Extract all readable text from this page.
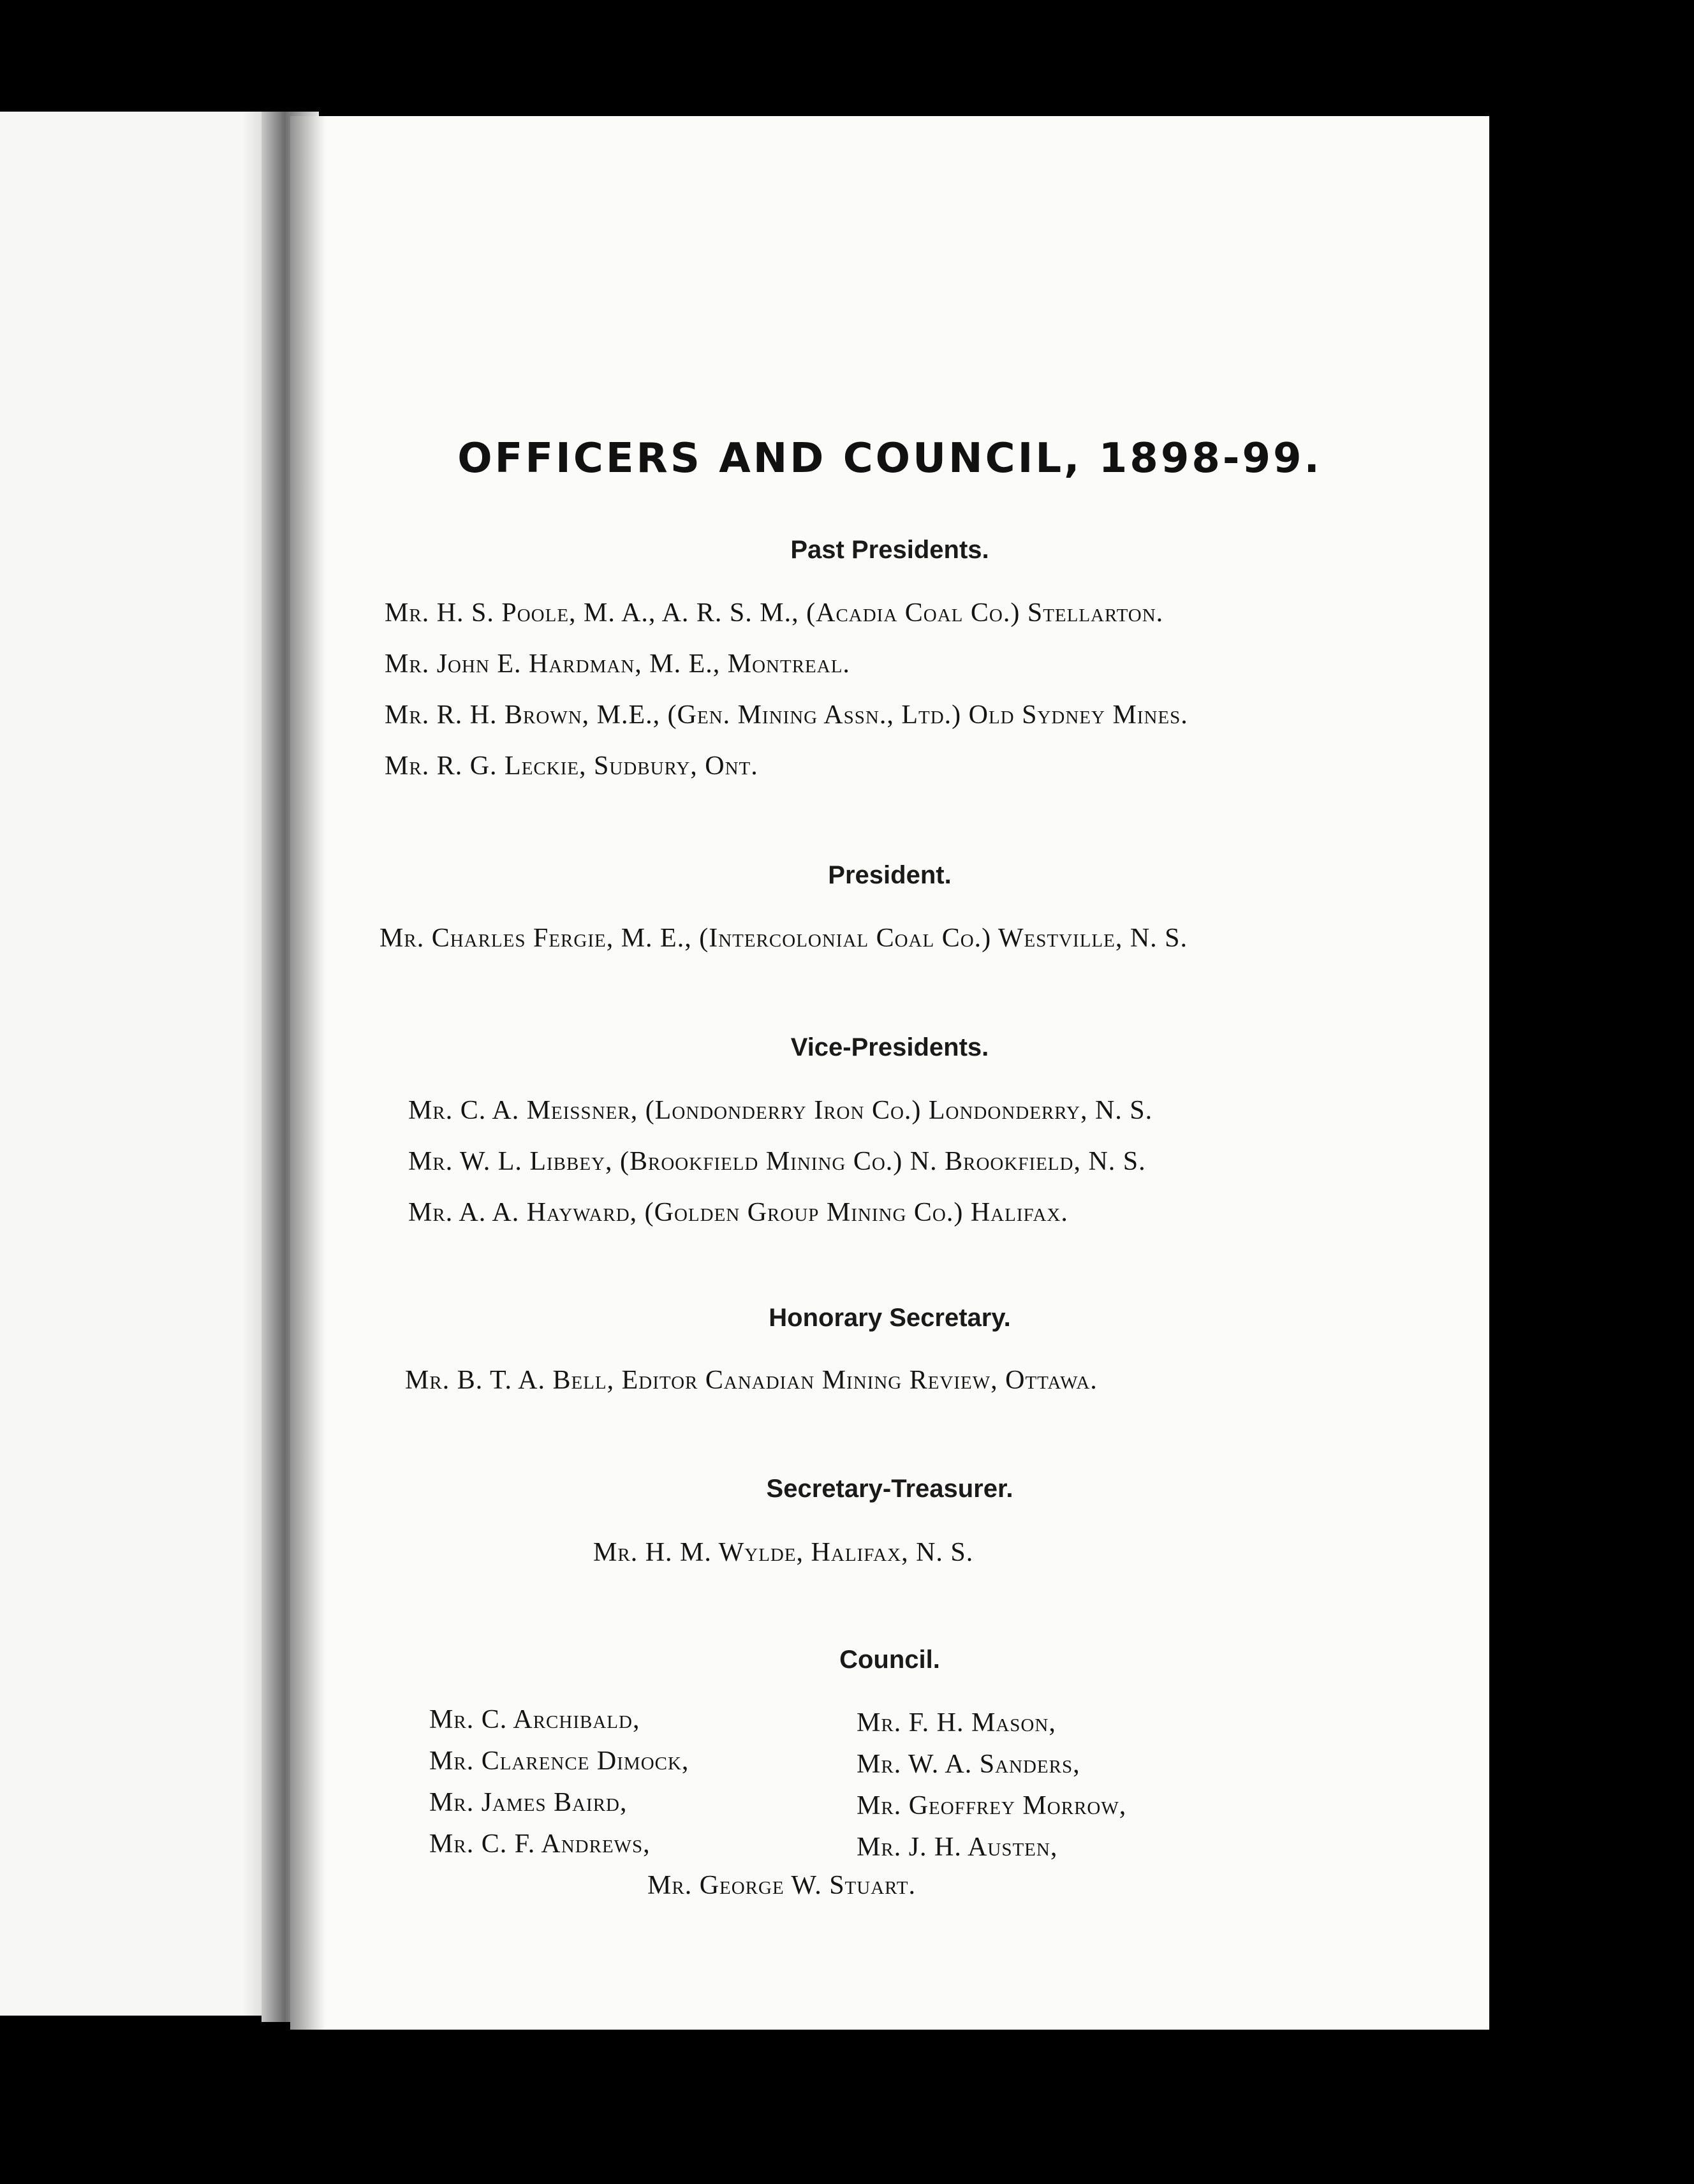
OFFICERS AND COUNCIL, 1898-99.
Past Presidents.
Mr. H. S. Poole, M. A., A. R. S. M., (Acadia Coal Co.) Stellarton.
Mr. John E. Hardman, M. E., Montreal.
Mr. R. H. Brown, M.E., (Gen. Mining Assn., Ltd.) Old Sydney Mines.
Mr. R. G. Leckie, Sudbury, Ont.
President.
Mr. Charles Fergie, M. E., (Intercolonial Coal Co.) Westville, N. S.
Vice-Presidents.
Mr. C. A. Meissner, (Londonderry Iron Co.) Londonderry, N. S.
Mr. W. L. Libbey, (Brookfield Mining Co.) N. Brookfield, N. S.
Mr. A. A. Hayward, (Golden Group Mining Co.) Halifax.
Honorary Secretary.
Mr. B. T. A. Bell, Editor Canadian Mining Review, Ottawa.
Secretary-Treasurer.
Mr. H. M. Wylde, Halifax, N. S.
Council.
Mr. C. Archibald,
Mr. Clarence Dimock,
Mr. James Baird,
Mr. C. F. Andrews,
Mr. F. H. Mason,
Mr. W. A. Sanders,
Mr. Geoffrey Morrow,
Mr. J. H. Austen,
Mr. George W. Stuart.
